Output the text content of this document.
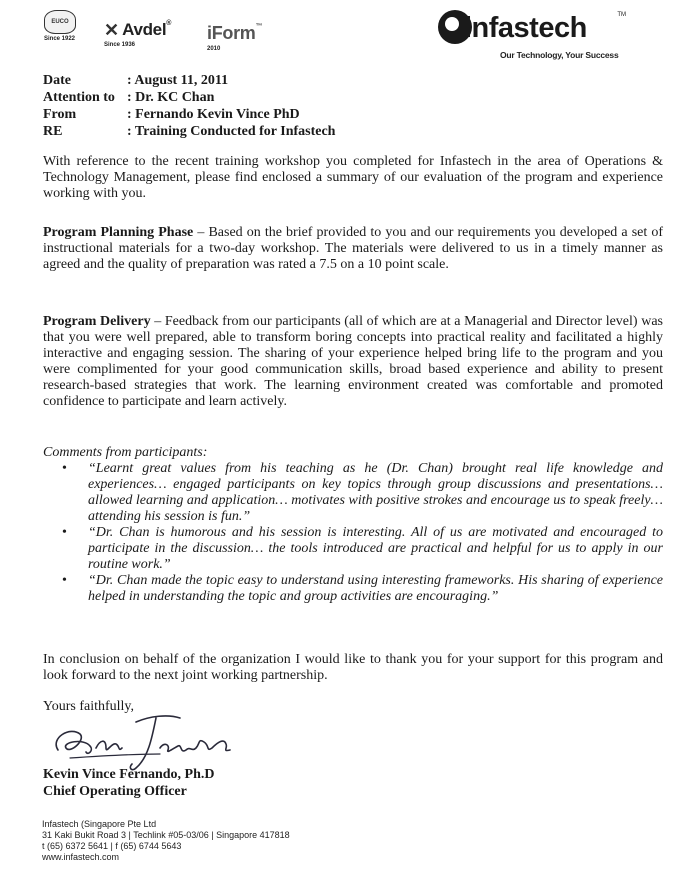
EUCO
Since 1922 ✕ Avdel®
Since 1936
iForm™
2010
infastech	TM
Our Technology, Your Success
Date	: August 11, 2011
Attention to : Dr. KC Chan
From	: Fernando Kevin Vince PhD
RE	: Training Conducted for Infastech

With reference to the recent training workshop you completed for Infastech in the area of Operations & Technology Management, please find enclosed a summary of our evaluation of the program and experience working with you.

Program Planning Phase – Based on the brief provided to you and our requirements you developed a set of instructional materials for a two-day workshop. The materials were delivered to us in a timely manner as agreed and the quality of preparation was rated a 7.5 on a 10 point scale.

Program Delivery – Feedback from our participants (all of which are at a Managerial and Director level) was that you were well prepared, able to transform boring concepts into practical reality and facilitated a highly interactive and engaging session. The sharing of your experience helped bring life to the program and you were complimented for your good communication skills, broad based experience and ability to present research-based strategies that work. The learning environment created was comfortable and promoted confidence to participate and learn actively.

Comments from participants:
• “Learnt great values from his teaching as he (Dr. Chan) brought real life knowledge and experiences… engaged participants on key topics through group discussions and presentations… allowed learning and application… motivates with positive strokes and encourage us to speak freely… attending his session is fun.”
• “Dr. Chan is humorous and his session is interesting. All of us are motivated and encouraged to participate in the discussion… the tools introduced are practical and helpful for us to apply in our routine work.”
• “Dr. Chan made the topic easy to understand using interesting frameworks. His sharing of experience helped in understanding the topic and group activities are encouraging.”

In conclusion on behalf of the organization I would like to thank you for your support for this program and look forward to the next joint working partnership.

Yours faithfully,
Kevin Vince Fernando, Ph.D
Chief Operating Officer
Infastech (Singapore Pte Ltd
31 Kaki Bukit Road 3 | Techlink #05-03/06 | Singapore 417818
t (65) 6372 5641 | f (65) 6744 5643
www.infastech.com
